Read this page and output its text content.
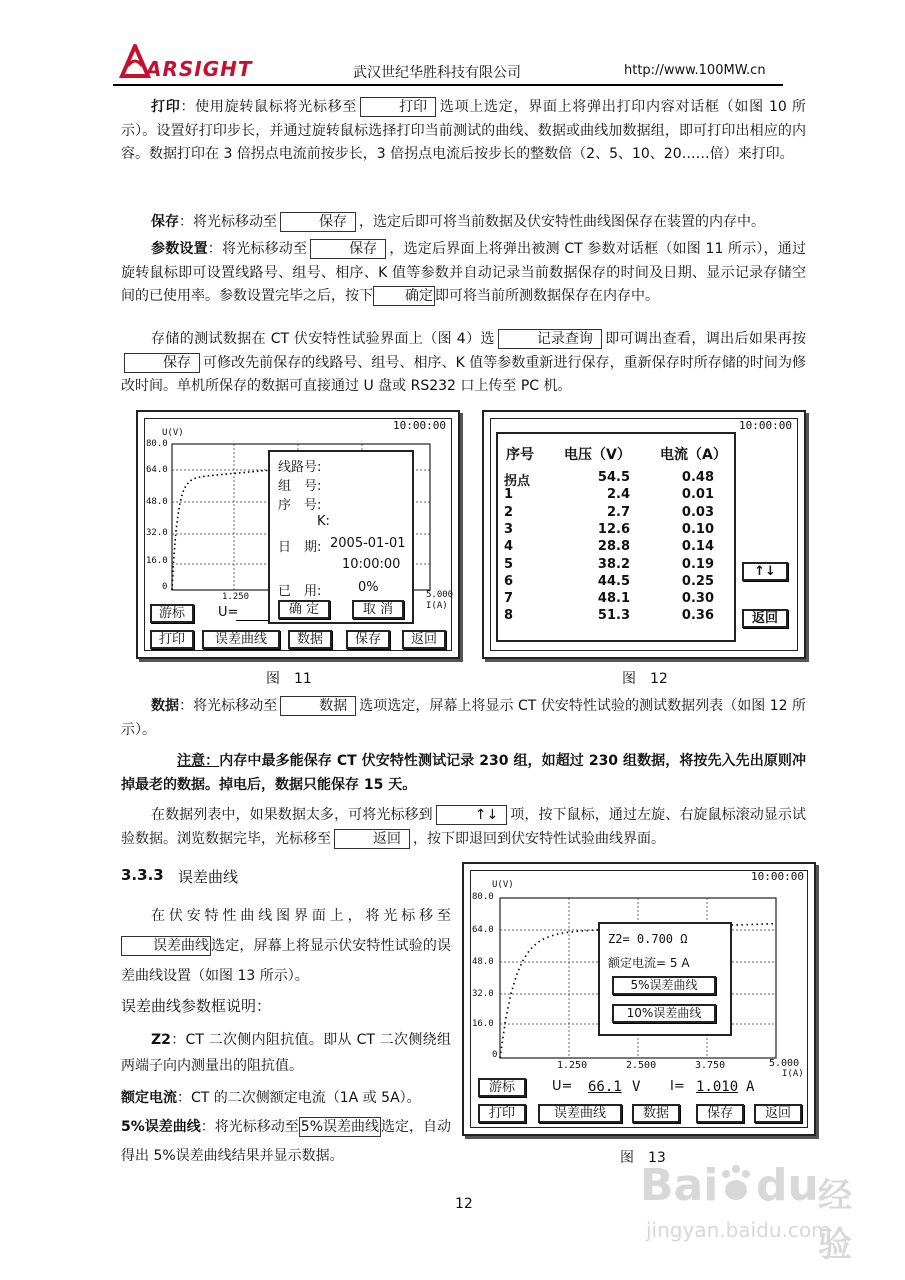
ARSIGHT	武汉世纪华胜科技有限公司	http://www.100MW.cn

打印：使用旋转鼠标将光标移至	打印 选项上选定，界面上将弹出打印内容对话框（如图 10 所示）。设置好打印步长，并通过旋转鼠标选择打印当前测试的曲线、数据或曲线加数据组，即可打印出相应的内容。数据打印在 3 倍拐点电流前按步长，3 倍拐点电流后按步长的整数倍（2、5、10、20……倍）来打印。

保存：将光标移动至	保存 ，选定后即可将当前数据及伏安特性曲线图保存在装置的内存中。

参数设置：将光标移动至	保存 ，选定后界面上将弹出被测 CT 参数对话框（如图 11 所示），通过旋转鼠标即可设置线路号、组号、相序、K 值等参数并自动记录当前数据保存的时间及日期、显示记录存储空间的已使用率。参数设置完毕之后，按下 确定 即可将当前所测数据保存在内存中。

存储的测试数据在 CT 伏安特性试验界面上（图 4）选	记录查询 即可调出查看，调出后如果再按保存 可修改先前保存的线路号、组号、相序、K 值等参数重新进行保存，重新保存时所存储的时间为修改时间。单机所保存的数据可直接通过 U 盘或 RS232 口上传至 PC 机。

10:00:00
U(V)
80.0
64.0
48.0
32.0
16.0
0
1.250	5.000
I(A)
线路号:
组　号:
序　号:
K:
日　期: 2005-01-01
10:00:00
已　用:	0%
确 定	取 消
游标	U=
打印	误差曲线	数据	保存	返回
图　11
10:00:00
序号 电压（V） 电流（A）
拐点	54.5	0.48
1	2.4	0.01
2	2.7	0.03
3	12.6	0.10
4	28.8	0.14
5	38.2	0.19
6	44.5	0.25
7	48.1	0.30
8	51.3	0.36
↑↓
返回
图　12

数据：将光标移动至	数据 选项选定，屏幕上将显示 CT 伏安特性试验的测试数据列表（如图 12 所示）。

注意：内存中最多能保存 CT 伏安特性测试记录 230 组，如超过 230 组数据，将按先入先出原则冲掉最老的数据。掉电后，数据只能保存 15 天。

在数据列表中，如果数据太多，可将光标移到	↑↓ 项，按下鼠标，通过左旋、右旋鼠标滚动显示试验数据。浏览数据完毕，光标移至	返回 ，按下即退回到伏安特性试验曲线界面。

3.3.3 误差曲线

在伏安特性曲线图界面上，将光标移至误差曲线 选定，屏幕上将显示伏安特性试验的误差曲线设置（如图 13 所示）。

误差曲线参数框说明：

Z2：CT 二次侧内阻抗值。即从 CT 二次侧绕组两端子向内测量出的阻抗值。

额定电流：CT 的二次侧额定电流（1A 或 5A）。

5%误差曲线：将光标移动至 5%误差曲线 选定，自动得出 5%误差曲线结果并显示数据。

10:00:00
U(V)
80.0
64.0
48.0
32.0
16.0
0
1.250	2.500	3.750	5.000
I(A)
Z2= 0.700 Ω
额定电流= 5 A
5%误差曲线
10%误差曲线
游标	U= 66.1 V I= 1.010 A
打印	误差曲线	数据	保存	返回
图　13
12	Bai du 经验
jingyan.baidu.com
